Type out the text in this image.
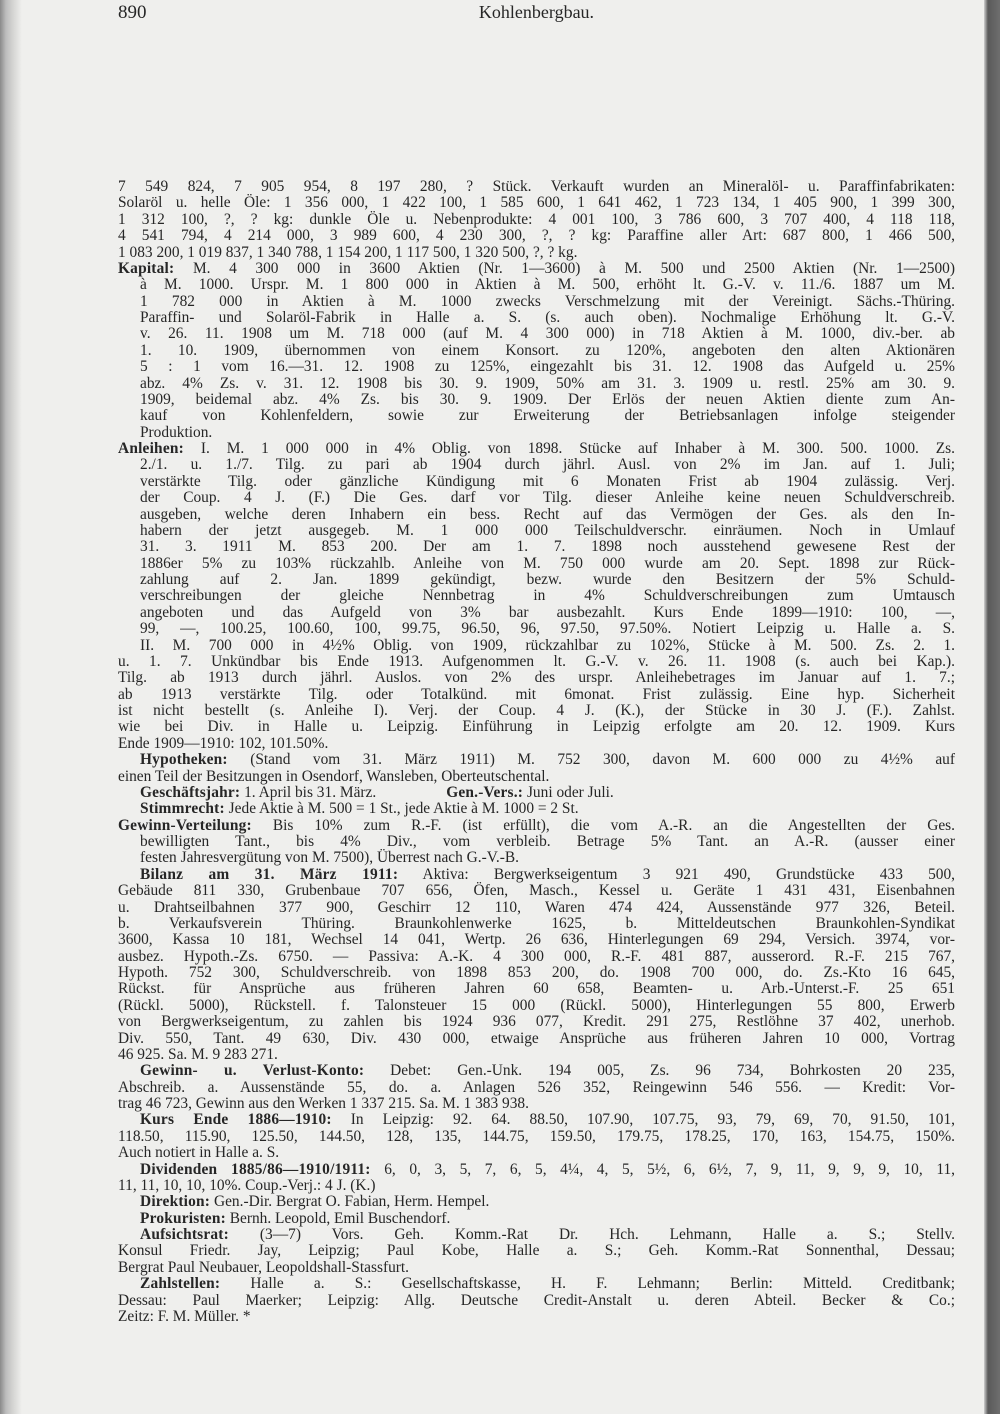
890	Kohlenbergbau.
7 549 824, 7 905 954, 8 197 280, ? Stück. Verkauft wurden an Mineralöl- u. Paraffinfabrikaten:
Solaröl u. helle Öle: 1 356 000, 1 422 100, 1 585 600, 1 641 462, 1 723 134, 1 405 900, 1 399 300,
1 312 100, ?, ? kg: dunkle Öle u. Nebenprodukte: 4 001 100, 3 786 600, 3 707 400, 4 118 118,
4 541 794, 4 214 000, 3 989 600, 4 230 300, ?, ? kg: Paraffine aller Art: 687 800, 1 466 500,
1 083 200, 1 019 837, 1 340 788, 1 154 200, 1 117 500, 1 320 500, ?, ? kg.
Kapital: M. 4 300 000 in 3600 Aktien (Nr. 1—3600) à M. 500 und 2500 Aktien (Nr. 1—2500)
à M. 1000. Urspr. M. 1 800 000 in Aktien à M. 500, erhöht lt. G.-V. v. 11./6. 1887 um M.
1 782 000 in Aktien à M. 1000 zwecks Verschmelzung mit der Vereinigt. Sächs.-Thüring.
Paraffin- und Solaröl-Fabrik in Halle a. S. (s. auch oben). Nochmalige Erhöhung lt. G.-V.
v. 26. 11. 1908 um M. 718 000 (auf M. 4 300 000) in 718 Aktien à M. 1000, div.-ber. ab
1. 10. 1909, übernommen von einem Konsort. zu 120%, angeboten den alten Aktionären
5 : 1 vom 16.—31. 12. 1908 zu 125%, eingezahlt bis 31. 12. 1908 das Aufgeld u. 25%
abz. 4% Zs. v. 31. 12. 1908 bis 30. 9. 1909, 50% am 31. 3. 1909 u. restl. 25% am 30. 9.
1909, beidemal abz. 4% Zs. bis 30. 9. 1909. Der Erlös der neuen Aktien diente zum An-
kauf von Kohlenfeldern, sowie zur Erweiterung der Betriebsanlagen infolge steigender
Produktion.
Anleihen: I. M. 1 000 000 in 4% Oblig. von 1898. Stücke auf Inhaber à M. 300. 500. 1000. Zs.
2./1. u. 1./7. Tilg. zu pari ab 1904 durch jährl. Ausl. von 2% im Jan. auf 1. Juli;
verstärkte Tilg. oder gänzliche Kündigung mit 6 Monaten Frist ab 1904 zulässig. Verj.
der Coup. 4 J. (F.) Die Ges. darf vor Tilg. dieser Anleihe keine neuen Schuldverschreib.
ausgeben, welche deren Inhabern ein bess. Recht auf das Vermögen der Ges. als den In-
habern der jetzt ausgegeb. M. 1 000 000 Teilschuldverschr. einräumen. Noch in Umlauf
31. 3. 1911 M. 853 200. Der am 1. 7. 1898 noch ausstehend gewesene Rest der
1886er 5% zu 103% rückzahlb. Anleihe von M. 750 000 wurde am 20. Sept. 1898 zur Rück-
zahlung auf 2. Jan. 1899 gekündigt, bezw. wurde den Besitzern der 5% Schuld-
verschreibungen der gleiche Nennbetrag in 4% Schuldverschreibungen zum Umtausch
angeboten und das Aufgeld von 3% bar ausbezahlt. Kurs Ende 1899—1910: 100, —,
99, —, 100.25, 100.60, 100, 99.75, 96.50, 96, 97.50, 97.50%. Notiert Leipzig u. Halle a. S.
II. M. 700 000 in 4½% Oblig. von 1909, rückzahlbar zu 102%, Stücke à M. 500. Zs. 2. 1.
u. 1. 7. Unkündbar bis Ende 1913. Aufgenommen lt. G.-V. v. 26. 11. 1908 (s. auch bei Kap.).
Tilg. ab 1913 durch jährl. Auslos. von 2% des urspr. Anleihebetrages im Januar auf 1. 7.;
ab 1913 verstärkte Tilg. oder Totalkünd. mit 6monat. Frist zulässig. Eine hyp. Sicherheit
ist nicht bestellt (s. Anleihe I). Verj. der Coup. 4 J. (K.), der Stücke in 30 J. (F.). Zahlst.
wie bei Div. in Halle u. Leipzig. Einführung in Leipzig erfolgte am 20. 12. 1909. Kurs
Ende 1909—1910: 102, 101.50%.
Hypotheken: (Stand vom 31. März 1911) M. 752 300, davon M. 600 000 zu 4½% auf
einen Teil der Besitzungen in Osendorf, Wansleben, Oberteutschental.
Geschäftsjahr: 1. April bis 31. März.	Gen.-Vers.: Juni oder Juli.
Stimmrecht: Jede Aktie à M. 500 = 1 St., jede Aktie à M. 1000 = 2 St.
Gewinn-Verteilung: Bis 10% zum R.-F. (ist erfüllt), die vom A.-R. an die Angestellten der Ges.
bewilligten Tant., bis 4% Div., vom verbleib. Betrage 5% Tant. an A.-R. (ausser einer
festen Jahresvergütung von M. 7500), Überrest nach G.-V.-B.
Bilanz am 31. März 1911: Aktiva: Bergwerkseigentum 3 921 490, Grundstücke 433 500,
Gebäude 811 330, Grubenbaue 707 656, Öfen, Masch., Kessel u. Geräte 1 431 431, Eisenbahnen
u. Drahtseilbahnen 377 900, Geschirr 12 110, Waren 474 424, Aussenstände 977 326, Beteil.
b. Verkaufsverein Thüring. Braunkohlenwerke 1625, b. Mitteldeutschen Braunkohlen-Syndikat
3600, Kassa 10 181, Wechsel 14 041, Wertp. 26 636, Hinterlegungen 69 294, Versich. 3974, vor-
ausbez. Hypoth.-Zs. 6750. — Passiva: A.-K. 4 300 000, R.-F. 481 887, ausserord. R.-F. 215 767,
Hypoth. 752 300, Schuldverschreib. von 1898 853 200, do. 1908 700 000, do. Zs.-Kto 16 645,
Rückst. für Ansprüche aus früheren Jahren 60 658, Beamten- u. Arb.-Unterst.-F. 25 651
(Rückl. 5000), Rückstell. f. Talonsteuer 15 000 (Rückl. 5000), Hinterlegungen 55 800, Erwerb
von Bergwerkseigentum, zu zahlen bis 1924 936 077, Kredit. 291 275, Restlöhne 37 402, unerhob.
Div. 550, Tant. 49 630, Div. 430 000, etwaige Ansprüche aus früheren Jahren 10 000, Vortrag
46 925. Sa. M. 9 283 271.
Gewinn- u. Verlust-Konto: Debet: Gen.-Unk. 194 005, Zs. 96 734, Bohrkosten 20 235,
Abschreib. a. Aussenstände 55, do. a. Anlagen 526 352, Reingewinn 546 556. — Kredit: Vor-
trag 46 723, Gewinn aus den Werken 1 337 215. Sa. M. 1 383 938.
Kurs Ende 1886—1910: In Leipzig: 92. 64. 88.50, 107.90, 107.75, 93, 79, 69, 70, 91.50, 101,
118.50, 115.90, 125.50, 144.50, 128, 135, 144.75, 159.50, 179.75, 178.25, 170, 163, 154.75, 150%.
Auch notiert in Halle a. S.
Dividenden 1885/86—1910/1911: 6, 0, 3, 5, 7, 6, 5, 4¼, 4, 5, 5½, 6, 6½, 7, 9, 11, 9, 9, 9, 10, 11,
11, 11, 10, 10, 10%. Coup.-Verj.: 4 J. (K.)
Direktion: Gen.-Dir. Bergrat O. Fabian, Herm. Hempel.
Prokuristen: Bernh. Leopold, Emil Buschendorf.
Aufsichtsrat: (3—7) Vors. Geh. Komm.-Rat Dr. Hch. Lehmann, Halle a. S.; Stellv.
Konsul Friedr. Jay, Leipzig; Paul Kobe, Halle a. S.; Geh. Komm.-Rat Sonnenthal, Dessau;
Bergrat Paul Neubauer, Leopoldshall-Stassfurt.
Zahlstellen: Halle a. S.: Gesellschaftskasse, H. F. Lehmann; Berlin: Mitteld. Creditbank;
Dessau: Paul Maerker; Leipzig: Allg. Deutsche Credit-Anstalt u. deren Abteil. Becker & Co.;
Zeitz: F. M. Müller. *
